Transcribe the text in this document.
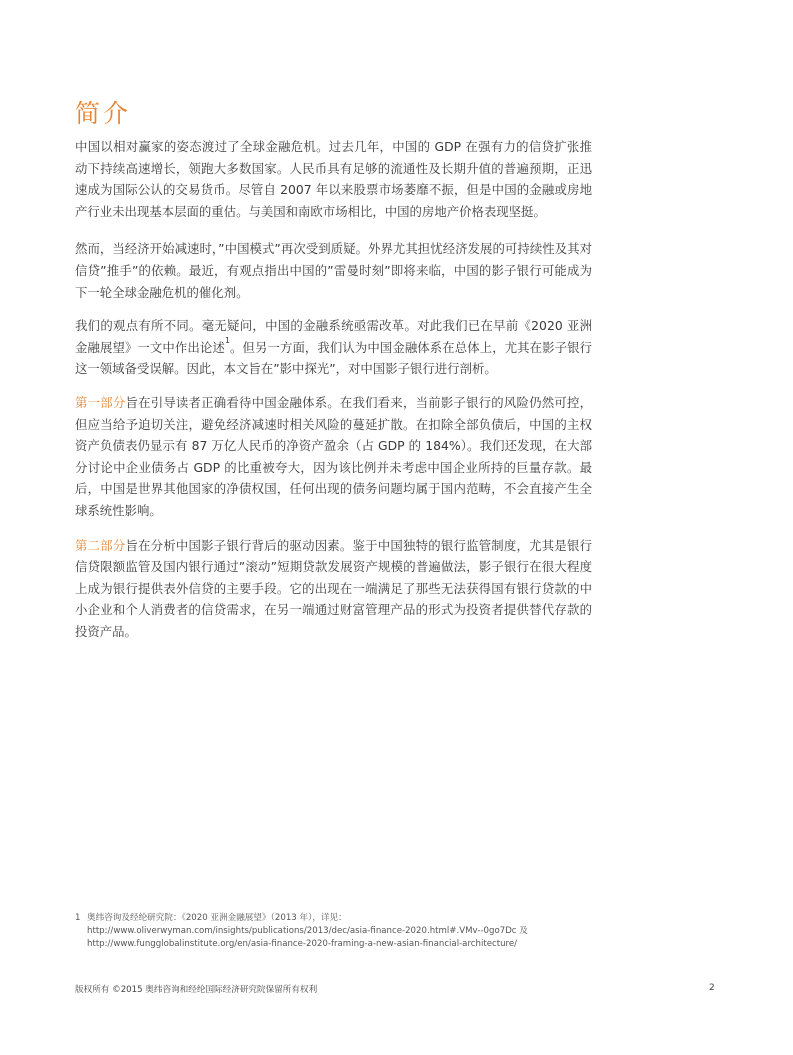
简介

中国以相对赢家的姿态渡过了全球金融危机。过去几年，中国的 GDP 在强有力的信贷扩张推动下持续高速增长，领跑大多数国家。人民币具有足够的流通性及长期升值的普遍预期，正迅速成为国际公认的交易货币。尽管自 2007 年以来股票市场萎靡不振，但是中国的金融或房地产行业未出现基本层面的重估。与美国和南欧市场相比，中国的房地产价格表现坚挺。

然而，当经济开始减速时，”中国模式”再次受到质疑。外界尤其担忧经济发展的可持续性及其对信贷”推手”的依赖。最近，有观点指出中国的”雷曼时刻”即将来临，中国的影子银行可能成为下一轮全球金融危机的催化剂。

我们的观点有所不同。毫无疑问，中国的金融系统亟需改革。对此我们已在早前《2020 亚洲金融展望》一文中作出论述$^1$。但另一方面，我们认为中国金融体系在总体上，尤其在影子银行这一领域备受误解。因此，本文旨在”影中探光”，对中国影子银行进行剖析。

第一部分旨在引导读者正确看待中国金融体系。在我们看来，当前影子银行的风险仍然可控，但应当给予迫切关注，避免经济减速时相关风险的蔓延扩散。在扣除全部负债后，中国的主权资产负债表仍显示有 87 万亿人民币的净资产盈余（占 GDP 的 184%）。我们还发现，在大部分讨论中企业债务占 GDP 的比重被夸大，因为该比例并未考虑中国企业所持的巨量存款。最后，中国是世界其他国家的净债权国，任何出现的债务问题均属于国内范畴，不会直接产生全球系统性影响。

第二部分旨在分析中国影子银行背后的驱动因素。鉴于中国独特的银行监管制度，尤其是银行信贷限额监管及国内银行通过”滚动”短期贷款发展资产规模的普遍做法，影子银行在很大程度上成为银行提供表外信贷的主要手段。它的出现在一端满足了那些无法获得国有银行贷款的中小企业和个人消费者的信贷需求，在另一端通过财富管理产品的形式为投资者提供替代存款的投资产品。

1 奥纬咨询及经纶研究院：《2020 亚洲金融展望》（2013 年），详见：
http://www.oliverwyman.com/insights/publications/2013/dec/asia-finance-2020.html#.VMv--0go7Dc 及
http://www.fungglobalinstitute.org/en/asia-finance-2020-framing-a-new-asian-financial-architecture/
版权所有 ©2015 奥纬咨询和经纶国际经济研究院保留所有权利	2
